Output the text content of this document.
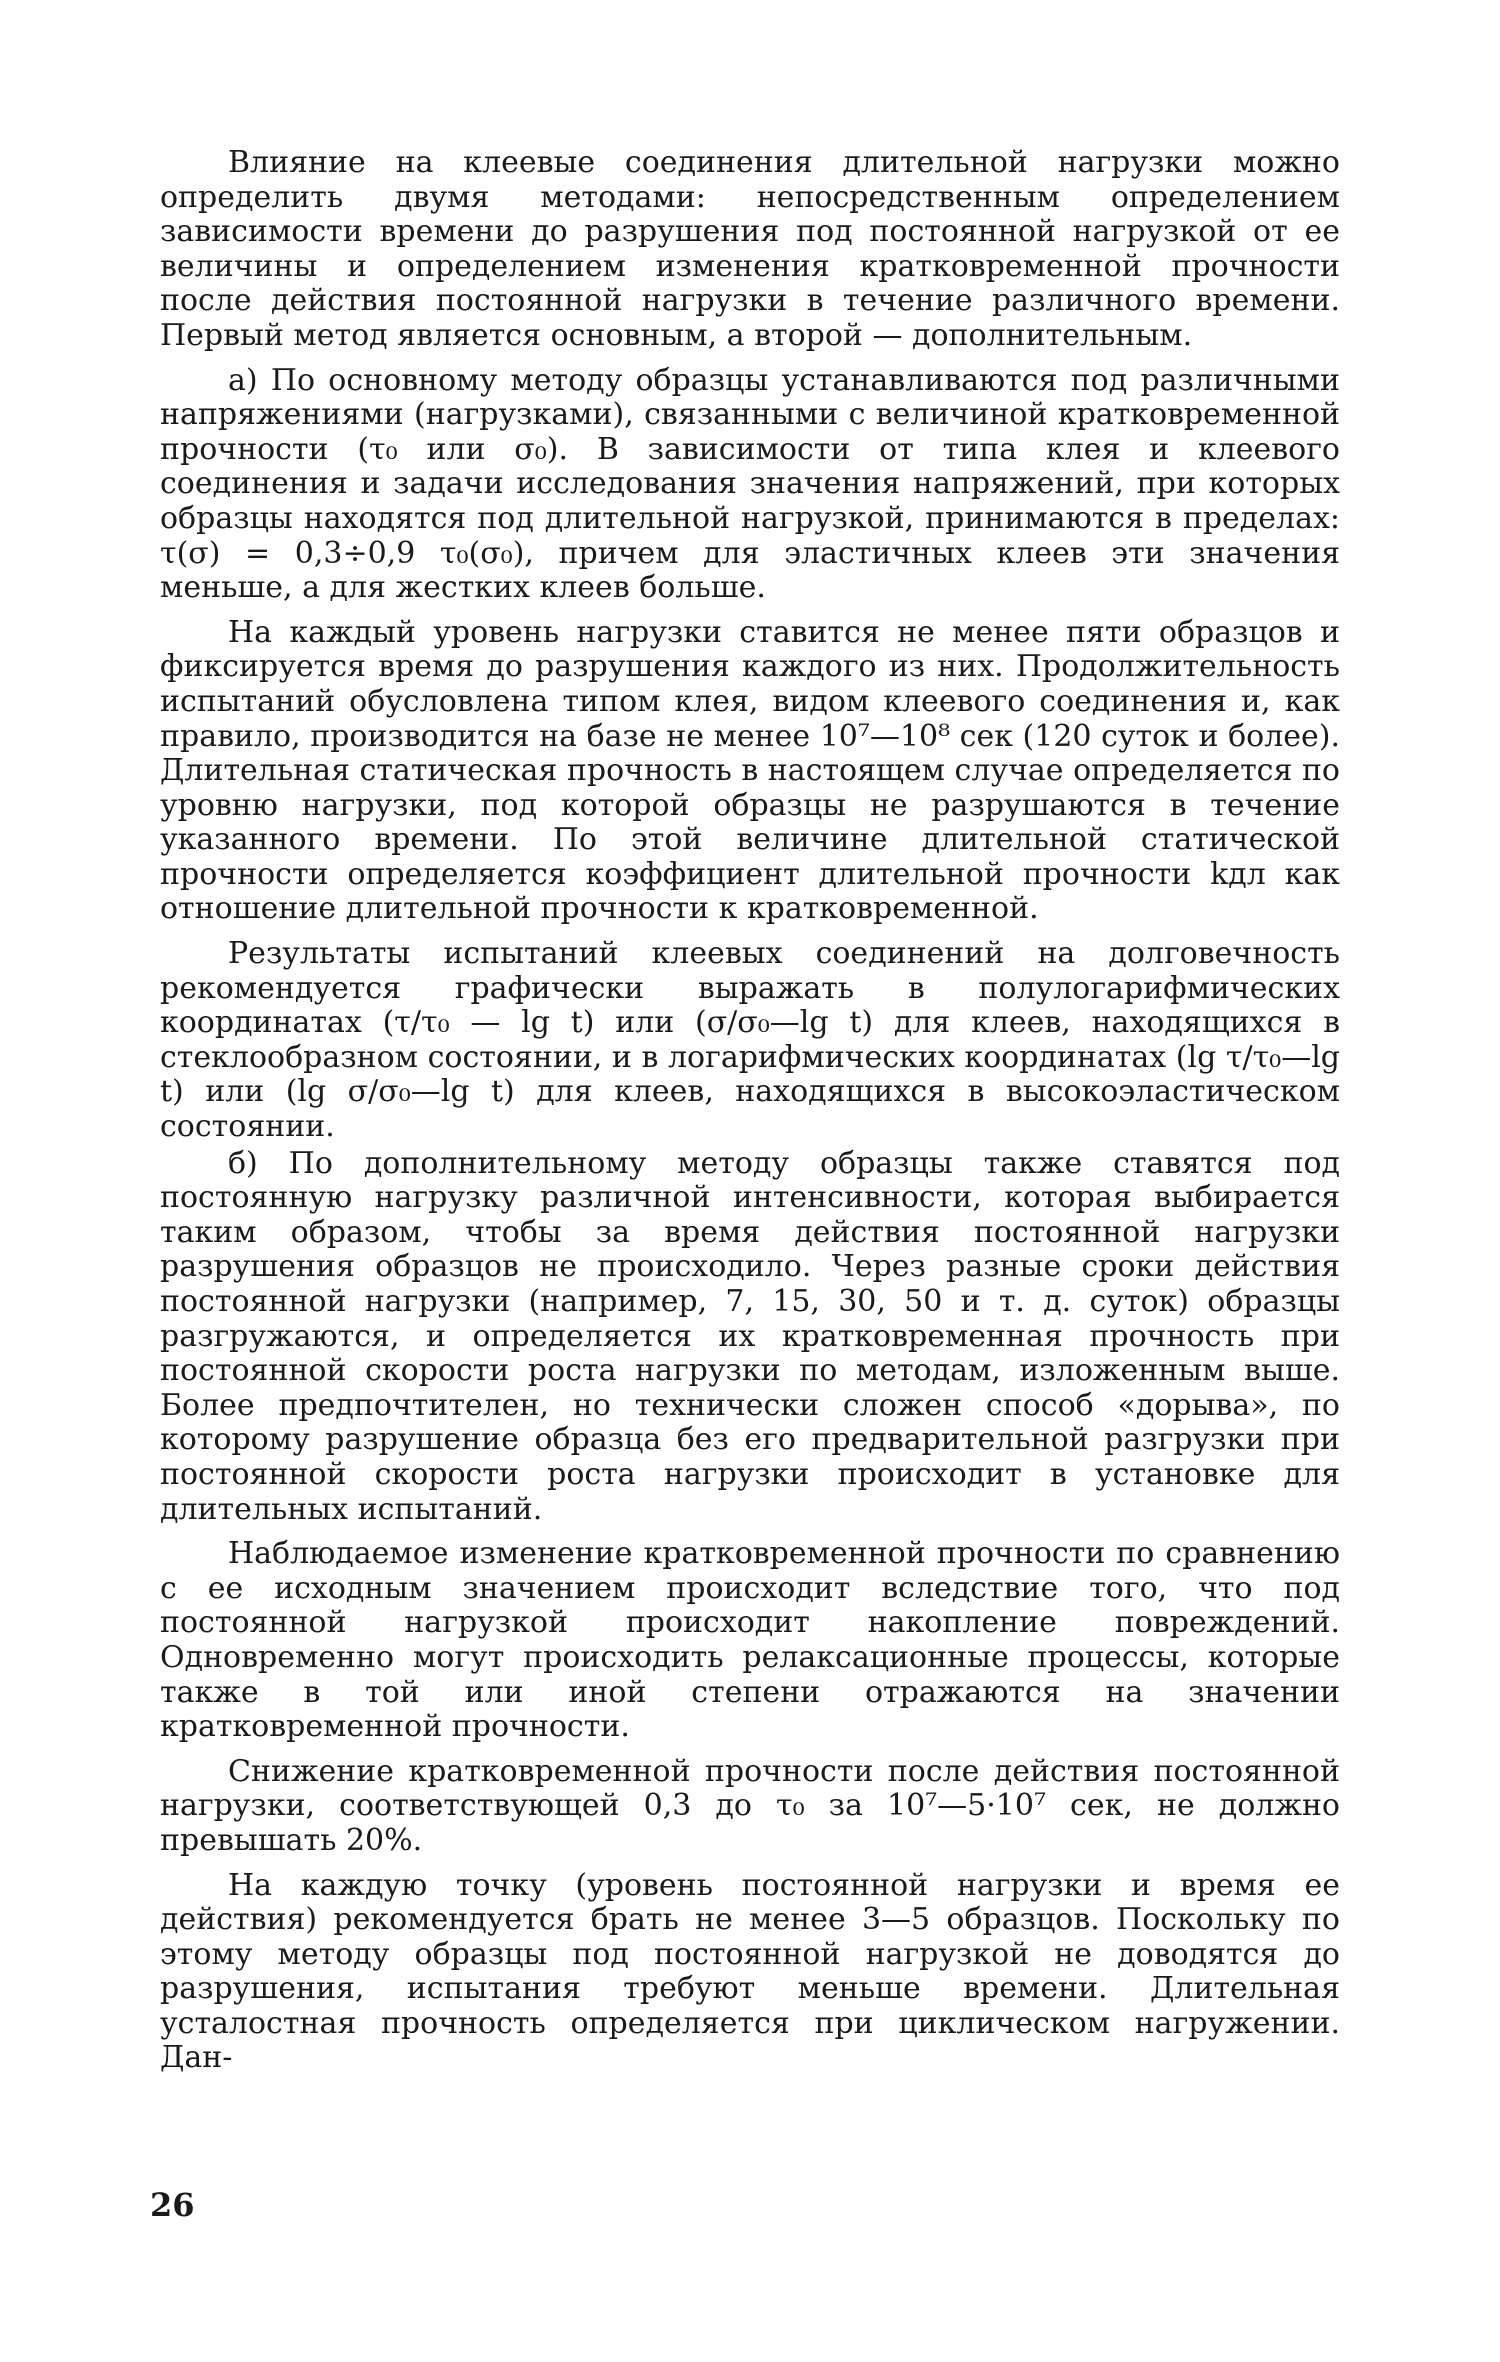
Влияние на клеевые соединения длительной нагрузки можно определить двумя методами: непосредственным определением зависимости времени до разрушения под постоянной нагрузкой от ее величины и определением изменения кратковременной прочности после действия постоянной нагрузки в течение различного времени. Первый метод является основным, а второй — дополнительным.

а) По основному методу образцы устанавливаются под различными напряжениями (нагрузками), связанными с величиной кратковременной прочности (τ₀ или σ₀). В зависимости от типа клея и клеевого соединения и задачи исследования значения напряжений, при которых образцы находятся под длительной нагрузкой, принимаются в пределах: τ(σ) = 0,3÷0,9 τ₀(σ₀), причем для эластичных клеев эти значения меньше, а для жестких клеев больше.

На каждый уровень нагрузки ставится не менее пяти образцов и фиксируется время до разрушения каждого из них. Продолжительность испытаний обусловлена типом клея, видом клеевого соединения и, как правило, производится на базе не менее 10⁷—10⁸ сек (120 суток и более). Длительная статическая прочность в настоящем случае определяется по уровню нагрузки, под которой образцы не разрушаются в течение указанного времени. По этой величине длительной статической прочности определяется коэффициент длительной прочности kдл как отношение длительной прочности к кратковременной.

Результаты испытаний клеевых соединений на долговечность рекомендуется графически выражать в полулогарифмических координатах (τ/τ₀ — lg t) или (σ/σ₀—lg t) для клеев, находящихся в стеклообразном состоянии, и в логарифмических координатах (lg τ/τ₀—lg t) или (lg σ/σ₀—lg t) для клеев, находящихся в высокоэластическом состоянии.

б) По дополнительному методу образцы также ставятся под постоянную нагрузку различной интенсивности, которая выбирается таким образом, чтобы за время действия постоянной нагрузки разрушения образцов не происходило. Через разные сроки действия постоянной нагрузки (например, 7, 15, 30, 50 и т. д. суток) образцы разгружаются, и определяется их кратковременная прочность при постоянной скорости роста нагрузки по методам, изложенным выше. Более предпочтителен, но технически сложен способ «дорыва», по которому разрушение образца без его предварительной разгрузки при постоянной скорости роста нагрузки происходит в установке для длительных испытаний.

Наблюдаемое изменение кратковременной прочности по сравнению с ее исходным значением происходит вследствие того, что под постоянной нагрузкой происходит накопление повреждений. Одновременно могут происходить релаксационные процессы, которые также в той или иной степени отражаются на значении кратковременной прочности.

Снижение кратковременной прочности после действия постоянной нагрузки, соответствующей 0,3 до τ₀ за 10⁷—5·10⁷ сек, не должно превышать 20%.

На каждую точку (уровень постоянной нагрузки и время ее действия) рекомендуется брать не менее 3—5 образцов. Поскольку по этому методу образцы под постоянной нагрузкой не доводятся до разрушения, испытания требуют меньше времени. Длительная усталостная прочность определяется при циклическом нагружении. Дан-

26
